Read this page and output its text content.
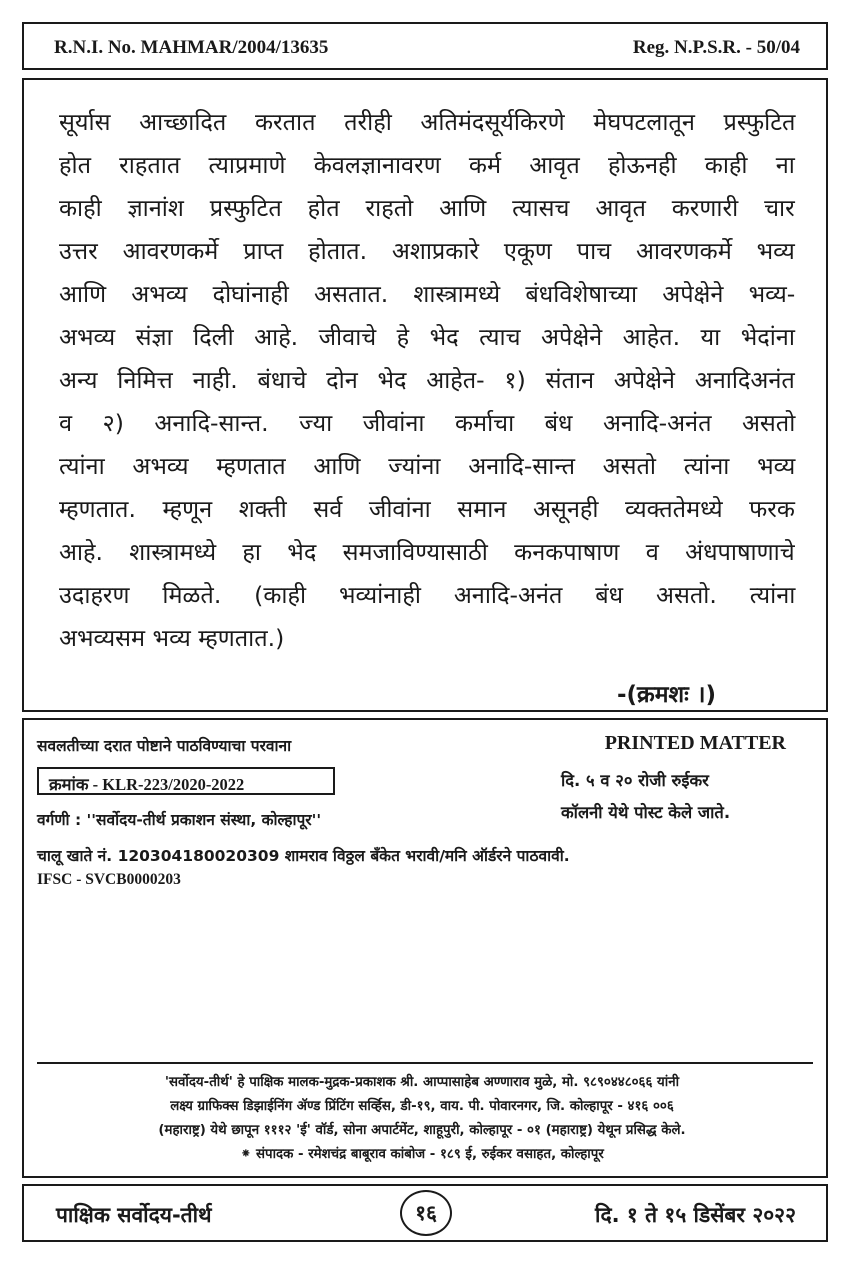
R.N.I. No. MAHMAR/2004/13635	Reg. N.P.S.R. - 50/04
सूर्यास आच्छादित करतात तरीही अतिमंदसूर्यकिरणे मेघपटलातून प्रस्फुटित
होत राहतात त्याप्रमाणे केवलज्ञानावरण कर्म आवृत होऊनही काही ना
काही ज्ञानांश प्रस्फुटित होत राहतो आणि त्यासच आवृत करणारी चार
उत्तर आवरणकर्मे प्राप्त होतात. अशाप्रकारे एकूण पाच आवरणकर्मे भव्य
आणि अभव्य दोघांनाही असतात. शास्त्रामध्ये बंधविशेषाच्या अपेक्षेने भव्य-
अभव्य संज्ञा दिली आहे. जीवाचे हे भेद त्याच अपेक्षेने आहेत. या भेदांना
अन्य निमित्त नाही. बंधाचे दोन भेद आहेत- १) संतान अपेक्षेने अनादिअनंत
व २) अनादि-सान्त. ज्या जीवांना कर्माचा बंध अनादि-अनंत असतो
त्यांना अभव्य म्हणतात आणि ज्यांना अनादि-सान्त असतो त्यांना भव्य
म्हणतात. म्हणून शक्ती सर्व जीवांना समान असूनही व्यक्ततेमध्ये फरक
आहे. शास्त्रामध्ये हा भेद समजाविण्यासाठी कनकपाषाण व अंधपाषाणाचे
उदाहरण मिळते. (काही भव्यांनाही अनादि-अनंत बंध असतो. त्यांना
अभव्यसम भव्य म्हणतात.)
-(क्रमशः ।)
सवलतीच्या दरात पोष्टाने पाठविण्याचा परवाना
क्रमांक - KLR-223/2020-2022
वर्गणी : ''सर्वोदय-तीर्थ प्रकाशन संस्था, कोल्हापूर''
PRINTED MATTER
दि. ५ व २० रोजी रुईकर
कॉलनी येथे पोस्ट केले जाते.
चालू खाते नं. 120304180020309 शामराव विठ्ठल बँकेत भरावी/मनि ऑर्डरने पाठवावी.
IFSC - SVCB0000203
'सर्वोदय-तीर्थ' हे पाक्षिक मालक-मुद्रक-प्रकाशक श्री. आप्पासाहेब अण्णाराव मुळे, मो. ९८९०४४८०६६ यांनी
लक्ष्य ग्राफिक्स डिझाईनिंग ॲण्ड प्रिंटिंग सर्व्हिस, डी-१९, वाय. पी. पोवारनगर, जि. कोल्हापूर - ४१६ ००६
(महाराष्ट्र) येथे छापून १११२ 'ई' वॉर्ड, सोना अपार्टमेंट, शाहूपुरी, कोल्हापूर - ०१ (महाराष्ट्र) येथून प्रसिद्ध केले.
⁕ संपादक - रमेशचंद्र बाबूराव कांबोज - १८९ ई, रुईकर वसाहत, कोल्हापूर
पाक्षिक सर्वोदय-तीर्थ	१६	दि. १ ते १५ डिसेंबर २०२२
